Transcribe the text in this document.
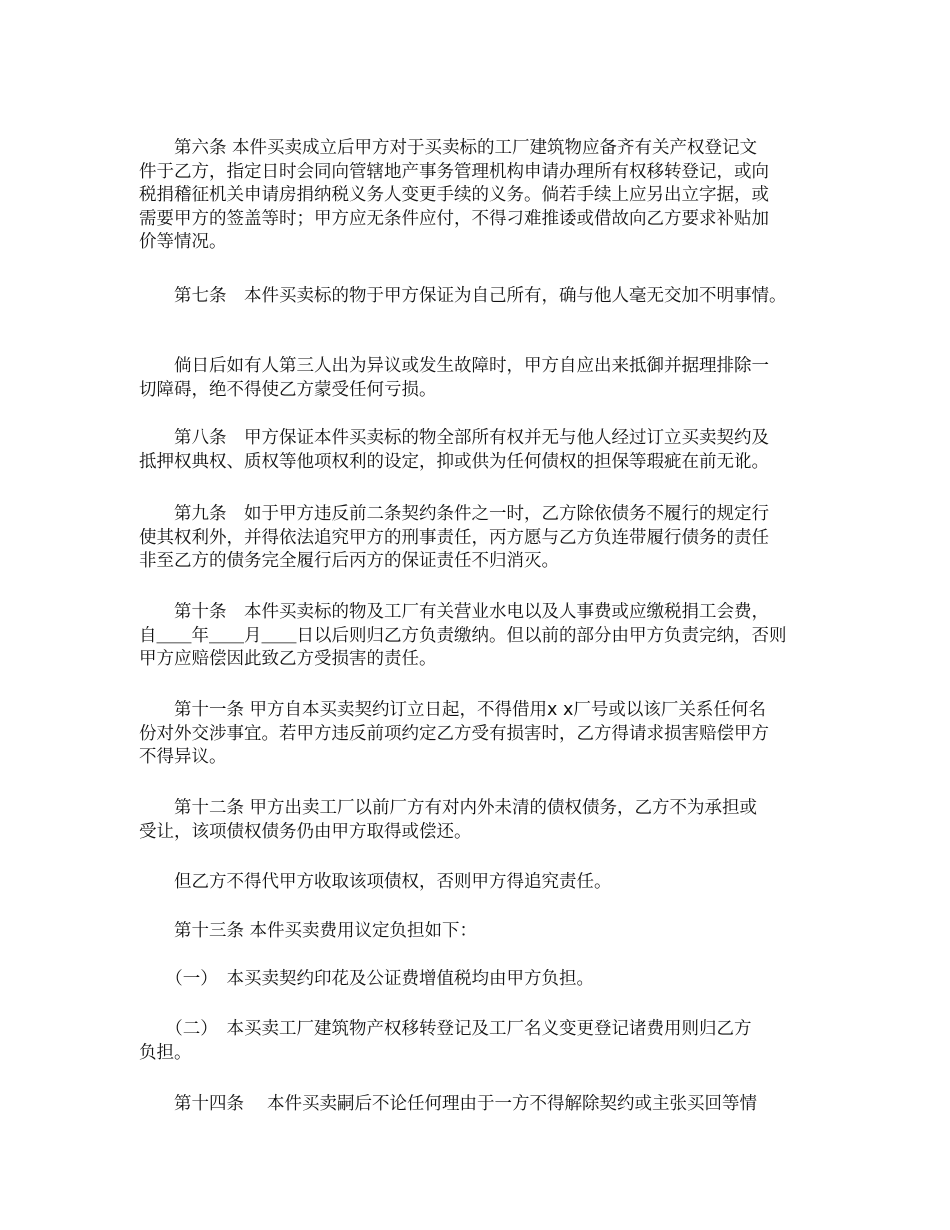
　　第六条 本件买卖成立后甲方对于买卖标的工厂建筑物应备齐有关产权登记文
件于乙方，指定日时会同向管辖地产事务管理机构申请办理所有权移转登记，或向
税捐稽征机关申请房捐纳税义务人变更手续的义务。倘若手续上应另出立字据，或
需要甲方的签盖等时；甲方应无条件应付，不得刁难推诿或借故向乙方要求补贴加
价等情况。
　　第七条　本件买卖标的物于甲方保证为自己所有，确与他人毫无交加不明事情。
　　倘日后如有人第三人出为异议或发生故障时，甲方自应出来抵御并据理排除一
切障碍，绝不得使乙方蒙受任何亏损。
　　第八条　甲方保证本件买卖标的物全部所有权并无与他人经过订立买卖契约及
抵押权典权、质权等他项权利的设定，抑或供为任何债权的担保等瑕疵在前无讹。
　　第九条　如于甲方违反前二条契约条件之一时，乙方除依债务不履行的规定行
使其权利外，并得依法追究甲方的刑事责任，丙方愿与乙方负连带履行债务的责任
非至乙方的债务完全履行后丙方的保证责任不归消灭。
　　第十条　本件买卖标的物及工厂有关营业水电以及人事费或应缴税捐工会费，
自＿＿年＿＿月＿＿日以后则归乙方负责缴纳。但以前的部分由甲方负责完纳，否则
甲方应赔偿因此致乙方受损害的责任。
　　第十一条 甲方自本买卖契约订立日起，不得借用x x厂号或以该厂关系任何名
份对外交涉事宜。若甲方违反前项约定乙方受有损害时，乙方得请求损害赔偿甲方
不得异议。
　　第十二条 甲方出卖工厂以前厂方有对内外未清的债权债务，乙方不为承担或
受让，该项债权债务仍由甲方取得或偿还。
　　但乙方不得代甲方收取该项债权，否则甲方得追究责任。
　　第十三条 本件买卖费用议定负担如下：
　　（一）　本买卖契约印花及公证费增值税均由甲方负担。
　　（二）　本买卖工厂建筑物产权移转登记及工厂名义变更登记诸费用则归乙方
负担。
　　第十四条　 本件买卖嗣后不论任何理由于一方不得解除契约或主张买回等情
